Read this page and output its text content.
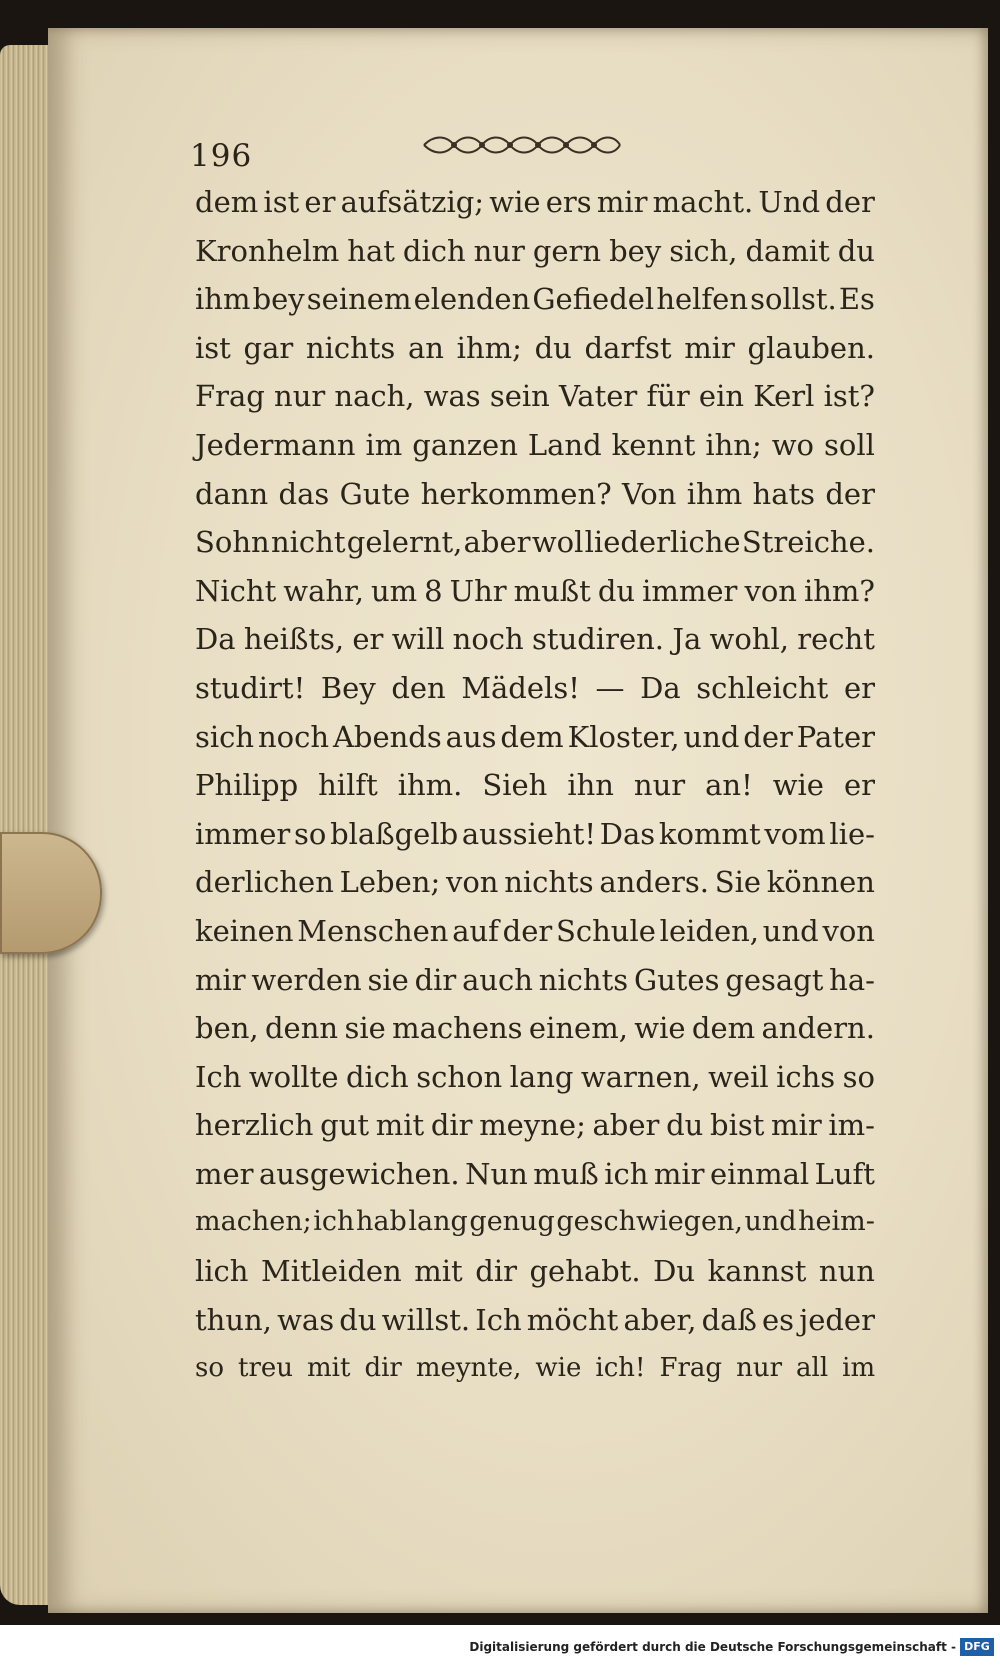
196
dem ist er aufsätzig; wie ers mir macht. Und der
Kronhelm hat dich nur gern bey sich, damit du
ihm bey seinem elenden Gefiedel helfen sollst. Es
ist gar nichts an ihm; du darfst mir glauben.
Frag nur nach, was sein Vater für ein Kerl ist?
Jedermann im ganzen Land kennt ihn; wo soll
dann das Gute herkommen? Von ihm hats der
Sohn nicht gelernt, aber wol liederliche Streiche.
Nicht wahr, um 8 Uhr mußt du immer von ihm?
Da heißts, er will noch studiren. Ja wohl, recht
studirt! Bey den Mädels! — Da schleicht er
sich noch Abends aus dem Kloster, und der Pater
Philipp hilft ihm. Sieh ihn nur an! wie er
immer so blaßgelb aussieht! Das kommt vom lie-
derlichen Leben; von nichts anders. Sie können
keinen Menschen auf der Schule leiden, und von
mir werden sie dir auch nichts Gutes gesagt ha-
ben, denn sie machens einem, wie dem andern.
Ich wollte dich schon lang warnen, weil ichs so
herzlich gut mit dir meyne; aber du bist mir im-
mer ausgewichen. Nun muß ich mir einmal Luft
machen; ich hab lang genug geschwiegen, und heim-
lich Mitleiden mit dir gehabt. Du kannst nun
thun, was du willst. Ich möcht aber, daß es jeder
so treu mit dir meynte, wie ich! Frag nur all im
Digitalisierung gefördert durch die Deutsche Forschungsgemeinschaft - DFG
